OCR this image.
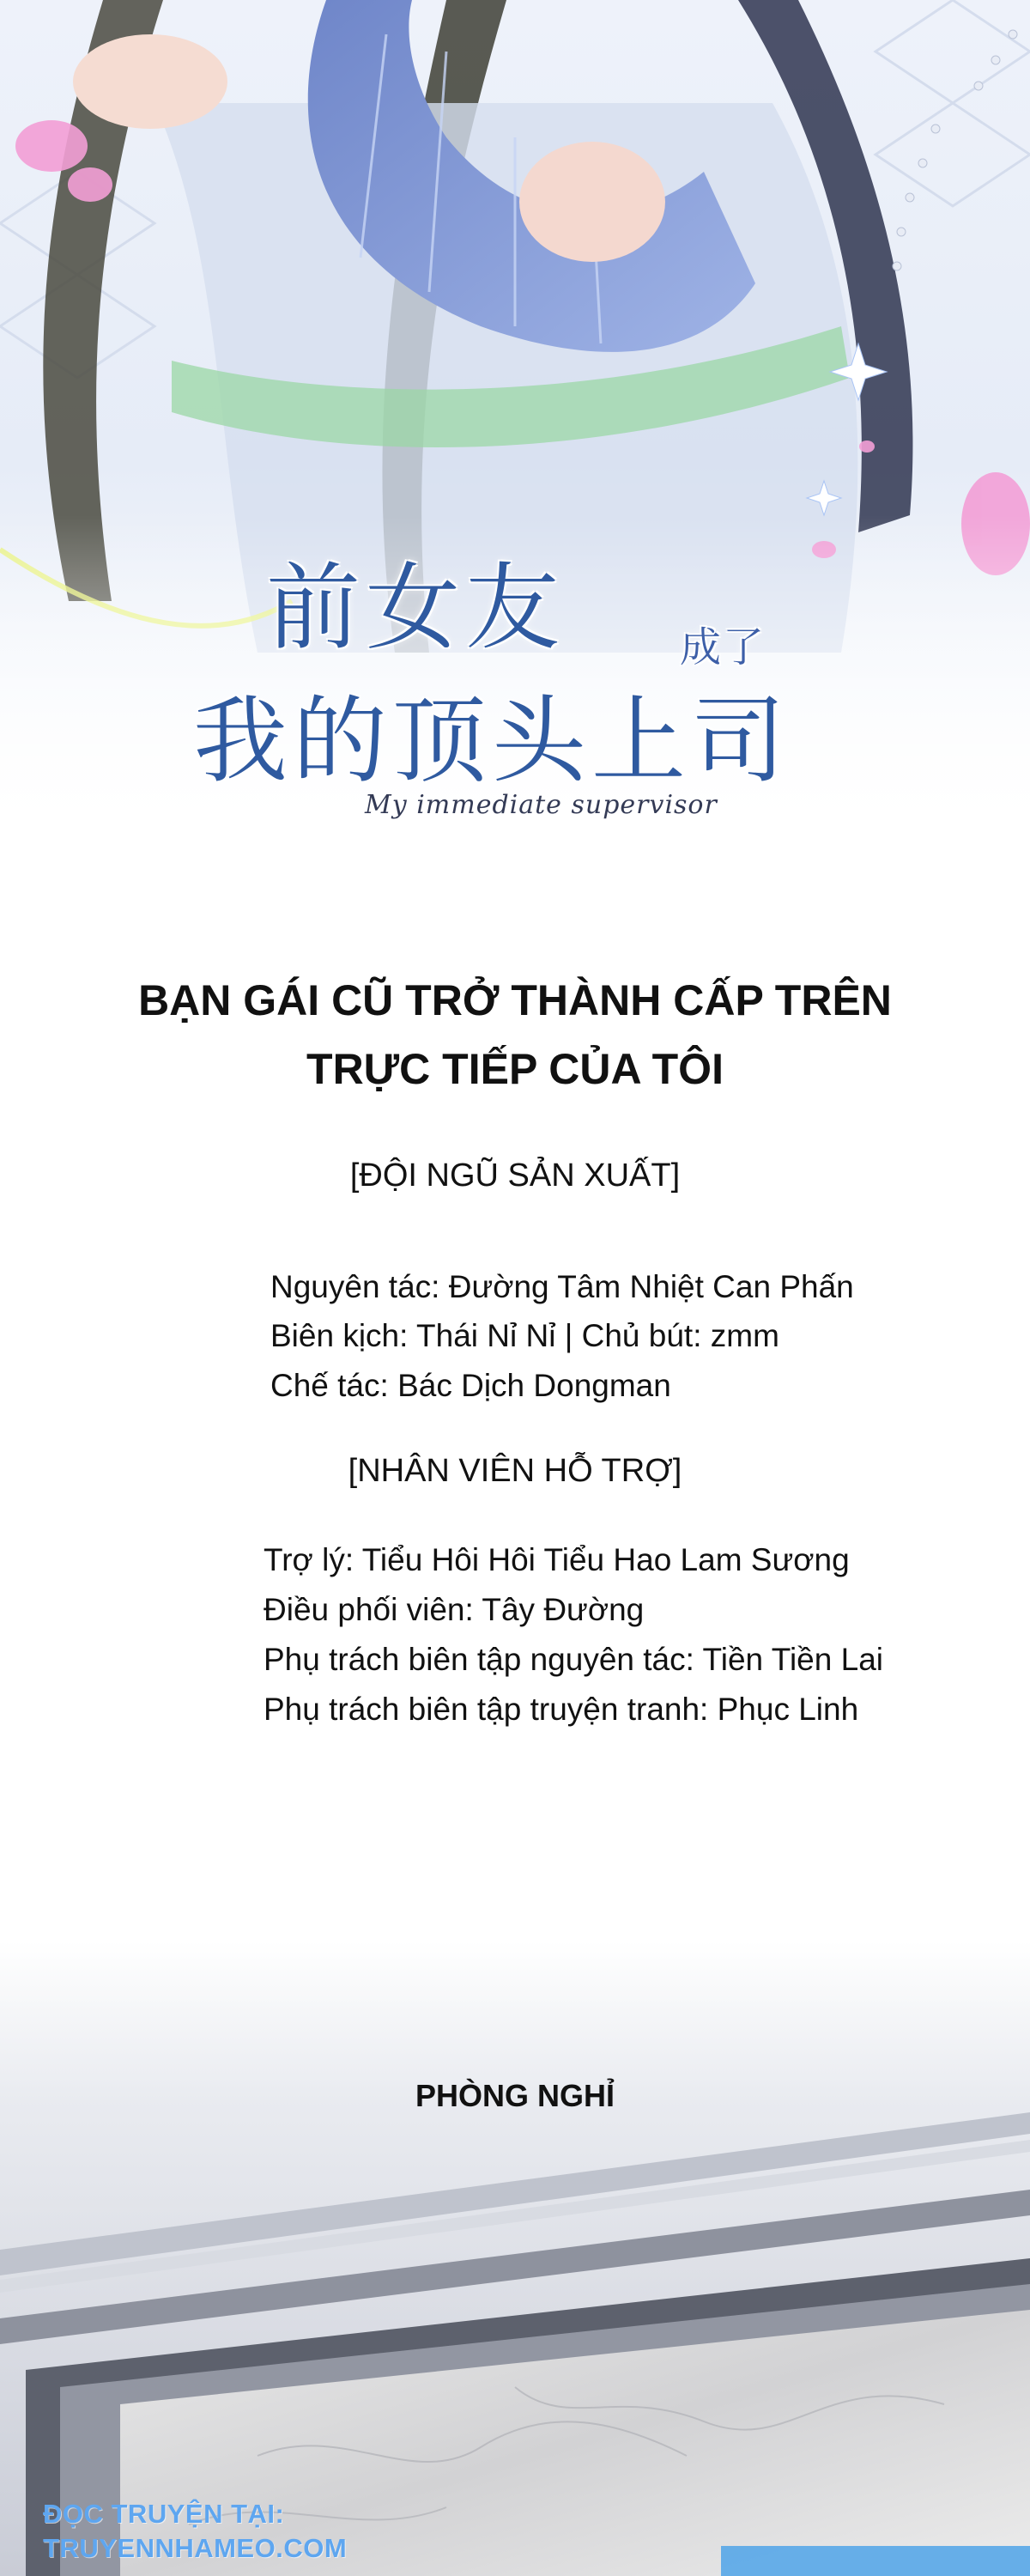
前女友	成了
我的顶头上司
My immediate supervisor
BẠN GÁI CŨ TRỞ THÀNH CẤP TRÊN
TRỰC TIẾP CỦA TÔI
[ĐỘI NGŨ SẢN XUẤT]
Nguyên tác: Đường Tâm Nhiệt Can Phấn
Biên kịch: Thái Nỉ Nỉ | Chủ bút: zmm
Chế tác: Bác Dịch Dongman
[NHÂN VIÊN HỖ TRỢ]
Trợ lý: Tiểu Hôi Hôi Tiểu Hao Lam Sương
Điều phối viên: Tây Đường
Phụ trách biên tập nguyên tác: Tiền Tiền Lai
Phụ trách biên tập truyện tranh: Phục Linh
PHÒNG NGHỈ
ĐỌC TRUYỆN TẠI:
TRUYENNHAMEO.COM
